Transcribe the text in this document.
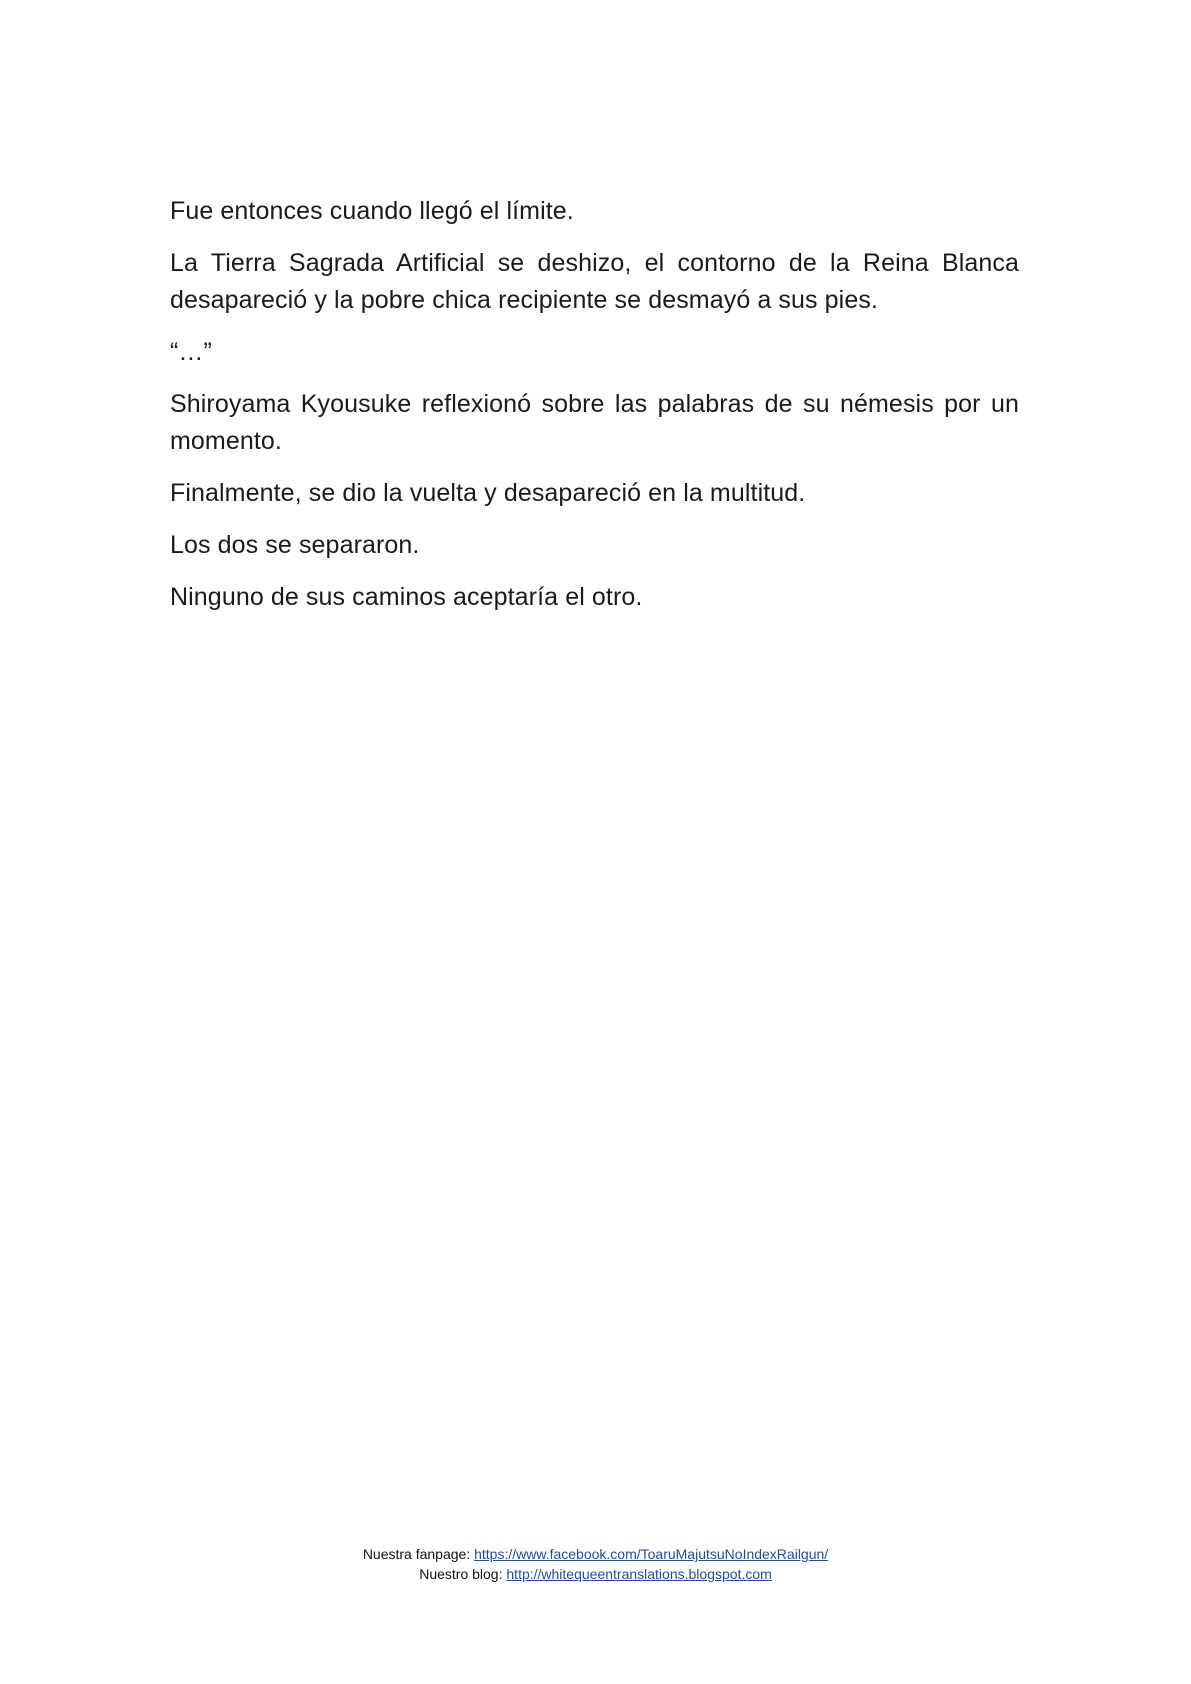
Fue entonces cuando llegó el límite.

La Tierra Sagrada Artificial se deshizo, el contorno de la Reina Blanca desapareció y la pobre chica recipiente se desmayó a sus pies.

“…”

Shiroyama Kyousuke reflexionó sobre las palabras de su némesis por un momento.

Finalmente, se dio la vuelta y desapareció en la multitud.

Los dos se separaron.

Ninguno de sus caminos aceptaría el otro.

Nuestra fanpage: https://www.facebook.com/ToaruMajutsuNoIndexRailgun/
Nuestro blog: http://whitequeentranslations.blogspot.com
